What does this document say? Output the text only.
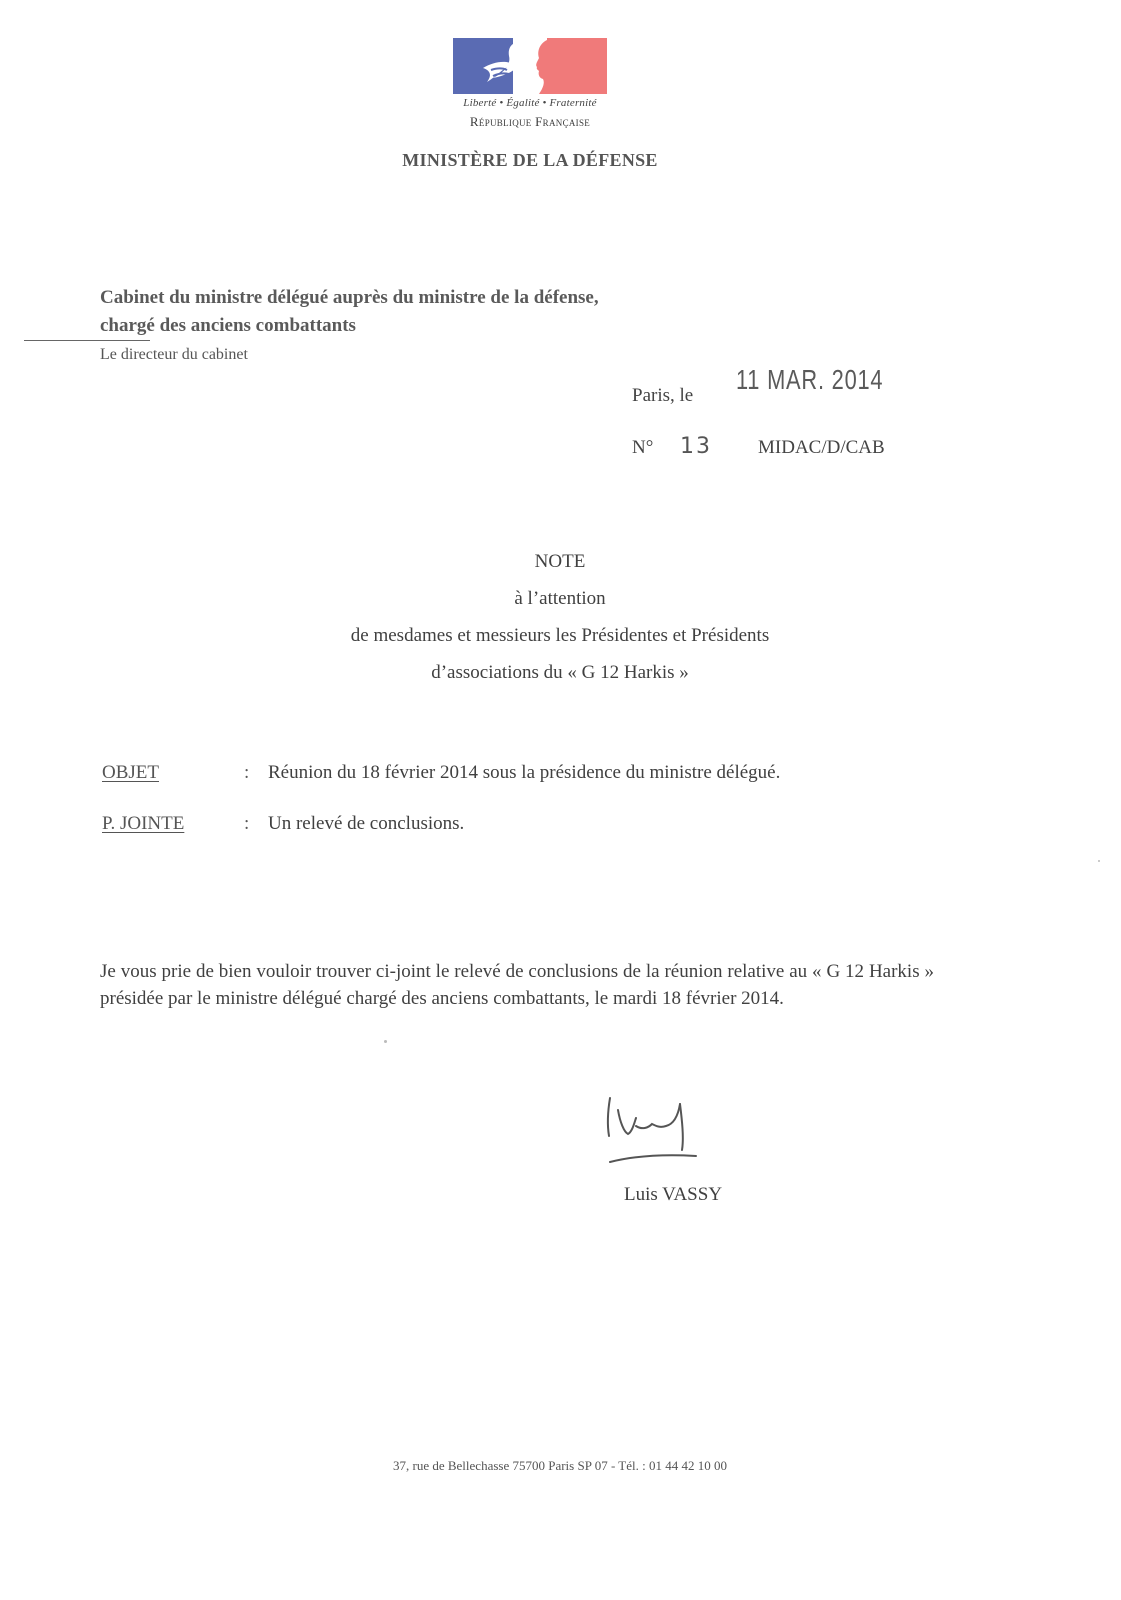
Liberté • Égalité • Fraternité
République Française
MINISTÈRE DE LA DÉFENSE
Cabinet du ministre délégué auprès du ministre de la défense,
chargé des anciens combattants
Le directeur du cabinet
Paris, le
11 MAR. 2014
N° 13 MIDAC/D/CAB
NOTE
à l’attention
de mesdames et messieurs les Présidentes et Présidents
d’associations du « G 12 Harkis »
OBJET	: Réunion du 18 février 2014 sous la présidence du ministre délégué.
P. JOINTE	: Un relevé de conclusions.
Je vous prie de bien vouloir trouver ci-joint le relevé de conclusions de la réunion relative au « G 12 Harkis » présidée par le ministre délégué chargé des anciens combattants, le mardi 18 février 2014.
Luis VASSY
37, rue de Bellechasse 75700 Paris SP 07 - Tél. : 01 44 42 10 00
